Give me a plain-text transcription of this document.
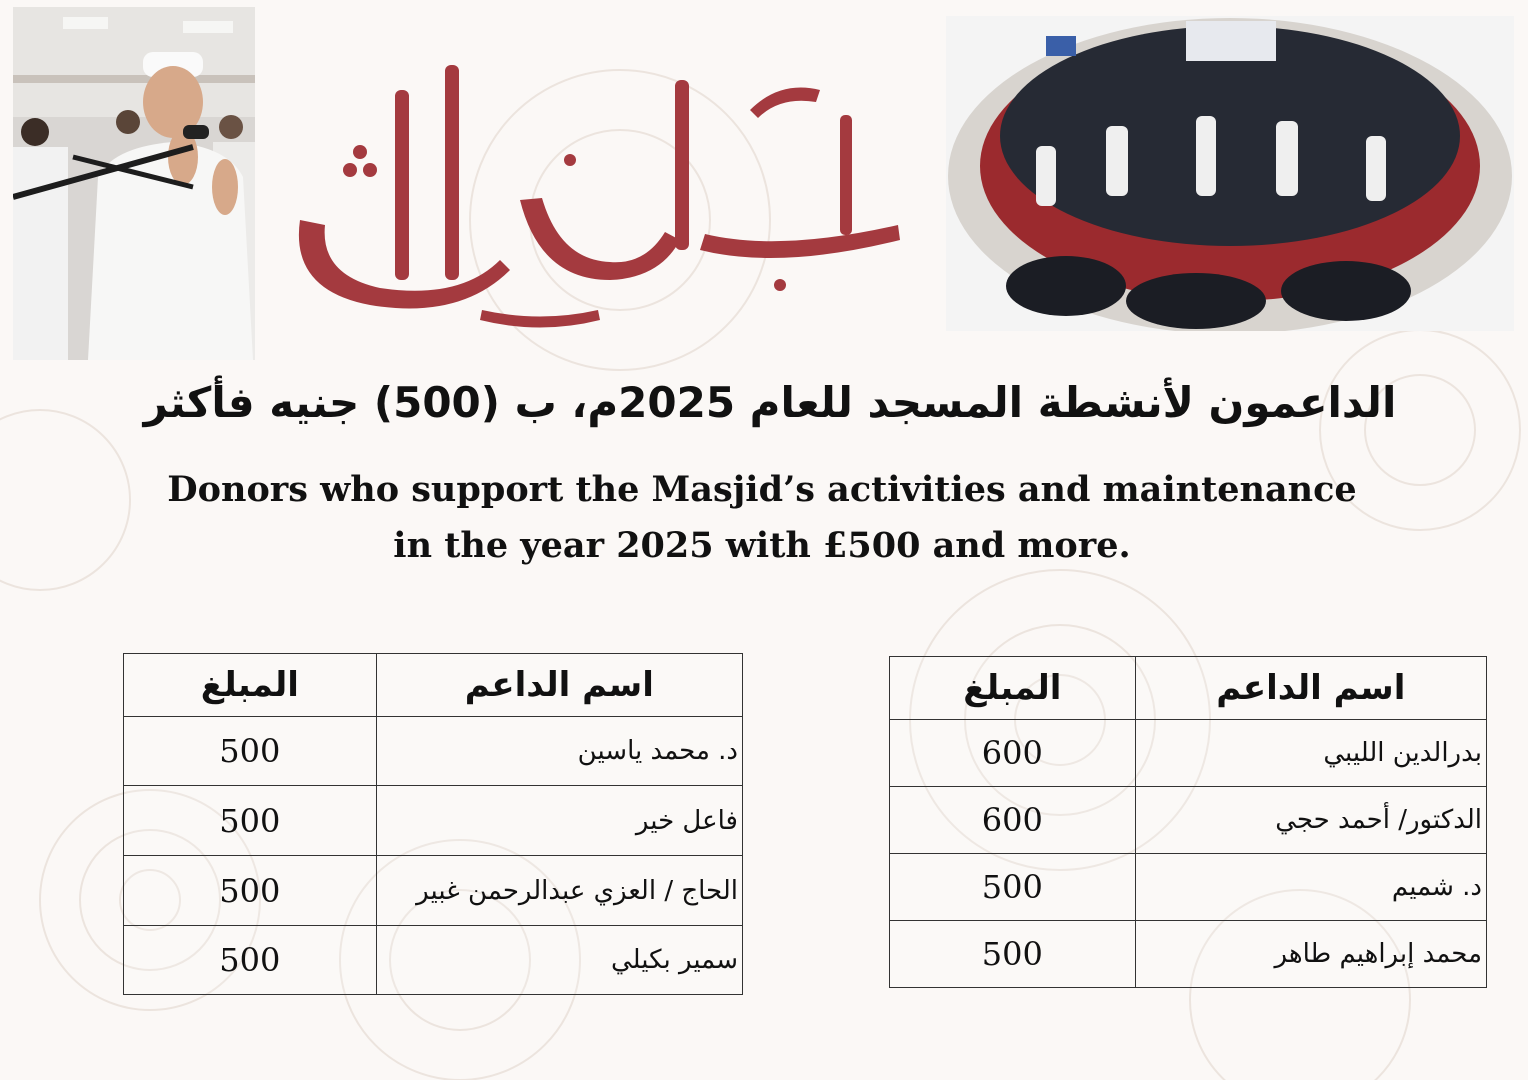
الداعمون لأنشطة المسجد للعام 2025م، ب (500) جنيه فأكثر
Donors who support the Masjid’s activities and maintenance
in the year 2025 with £500 and more.
المبلغ	اسم الداعم
500	د. محمد ياسين
500	فاعل خير
500	الحاج / العزي عبدالرحمن غبير
500	سمير بكيلي
المبلغ	اسم الداعم
600	بدرالدين الليبي
600	الدكتور/ أحمد حجي
500	د. شميم
500	محمد إبراهيم طاهر
